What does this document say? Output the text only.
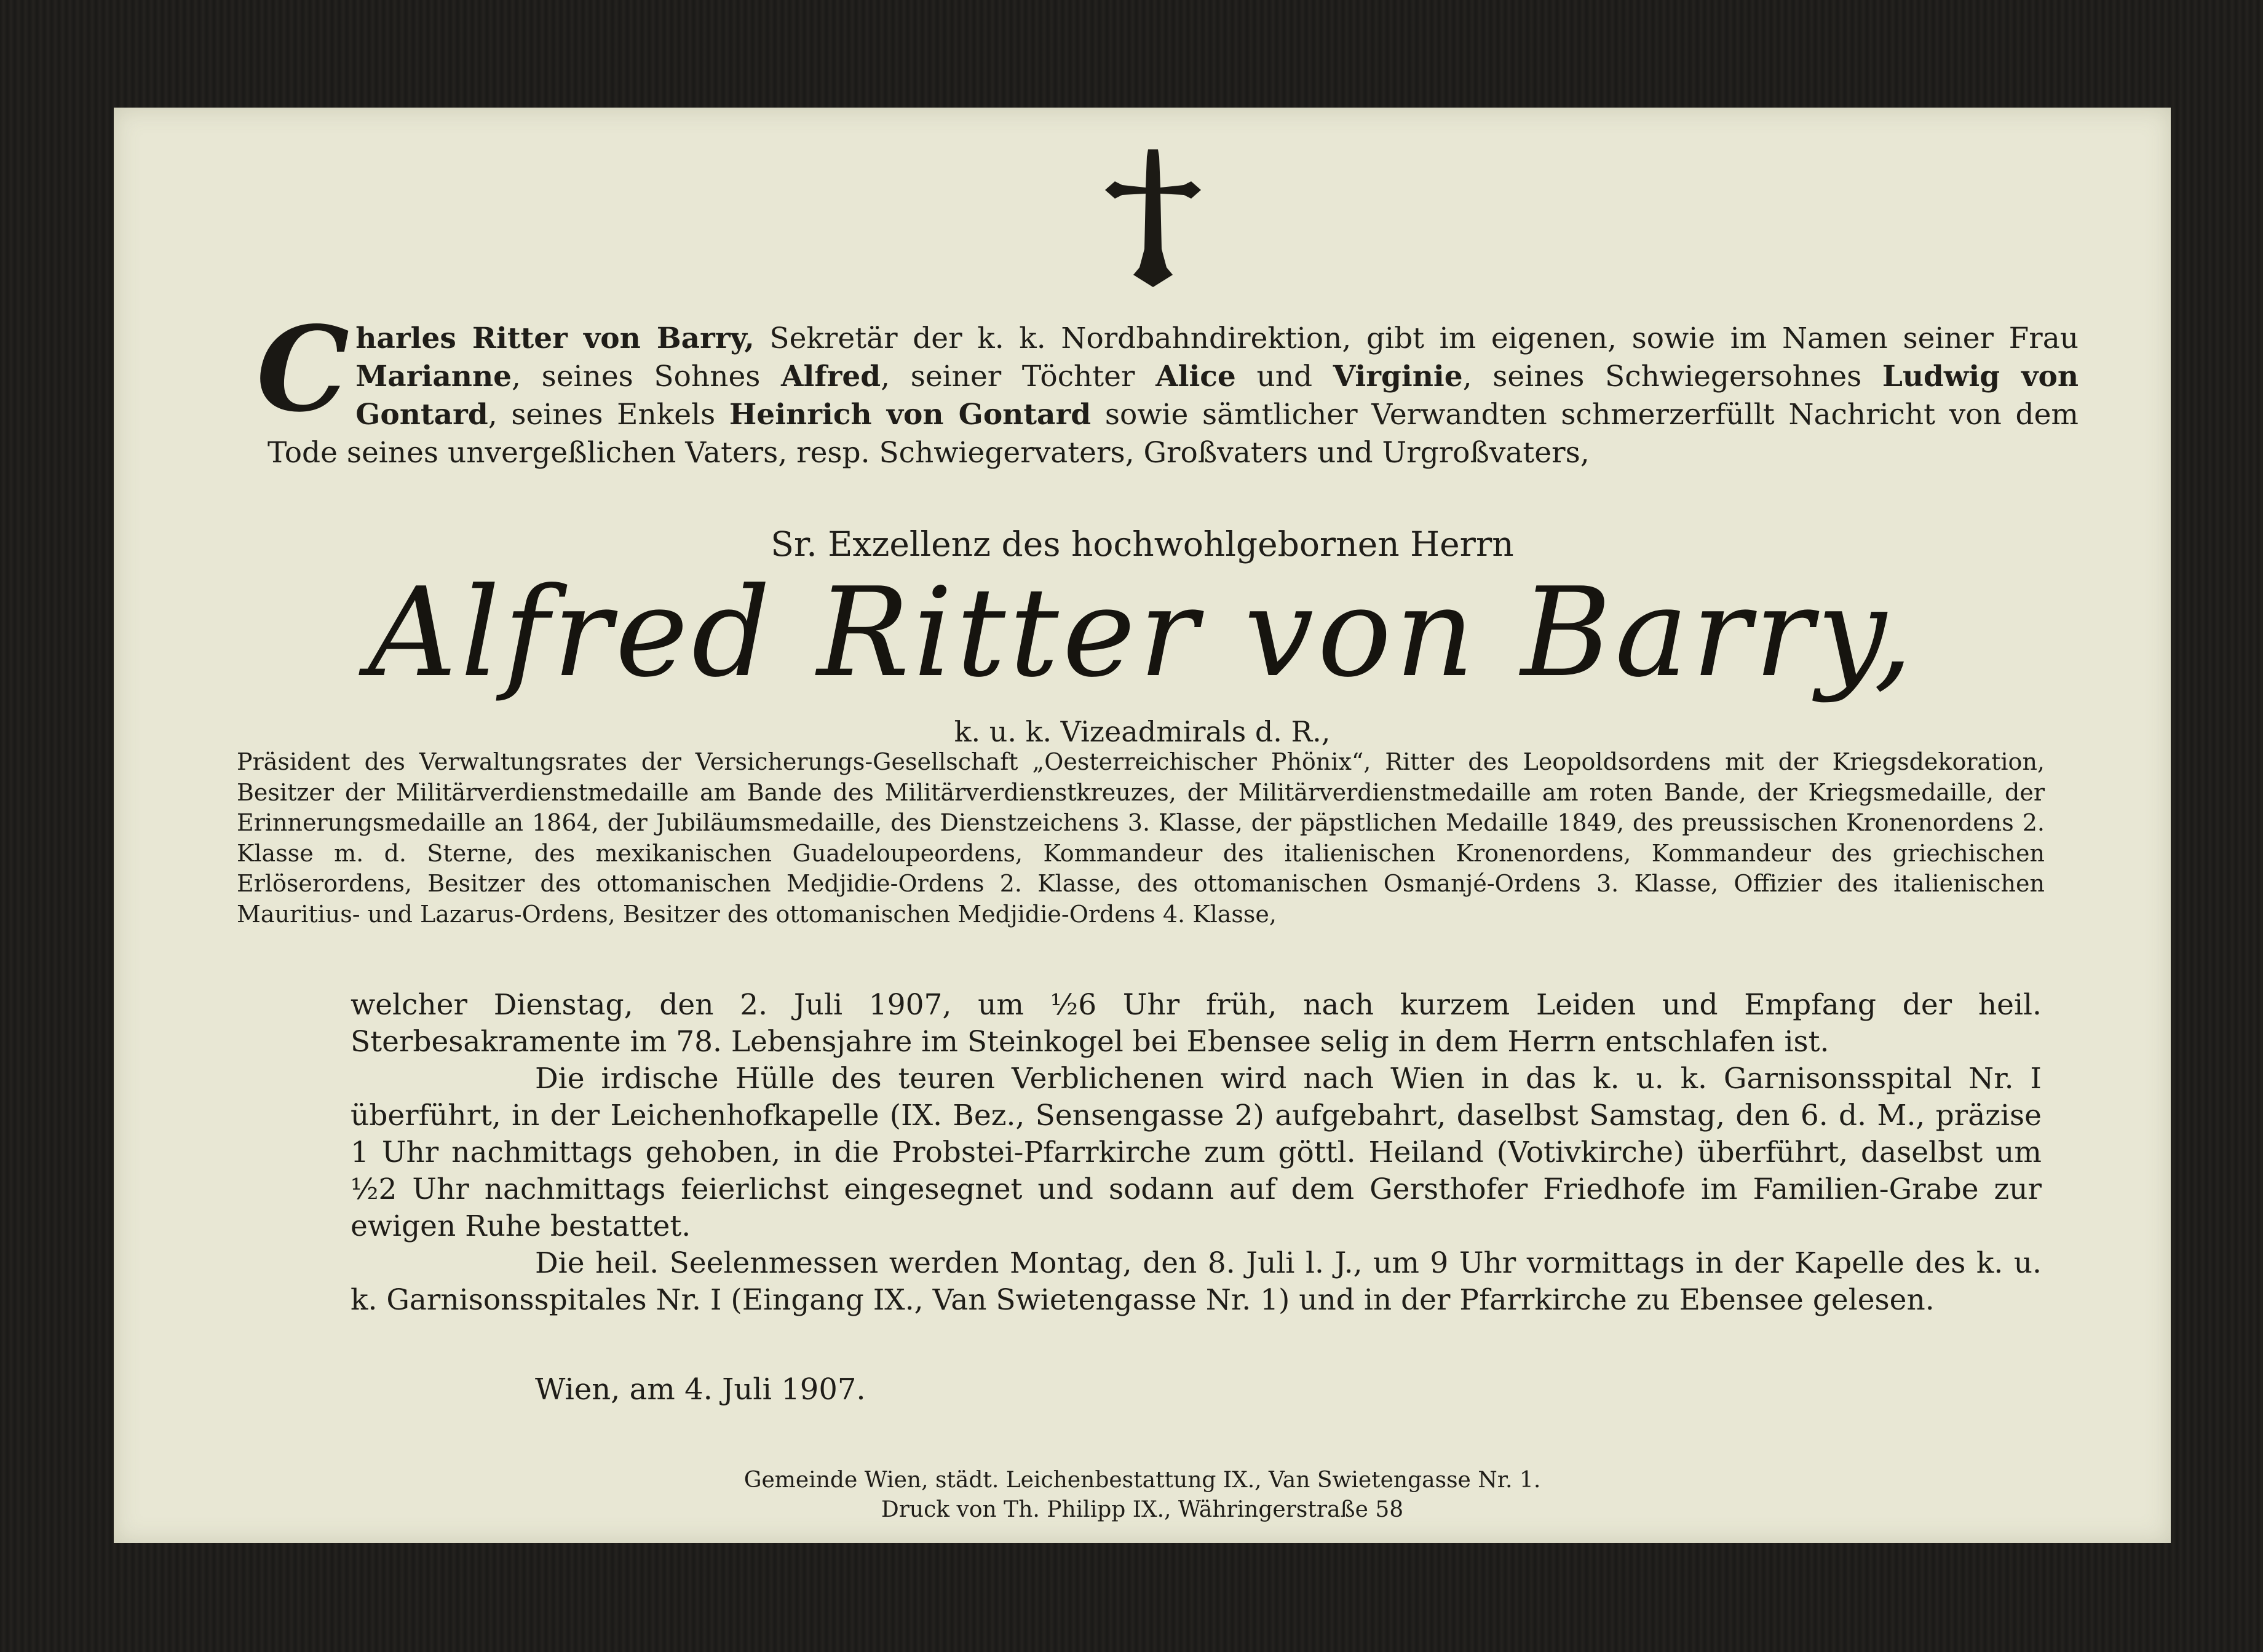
Charles Ritter von Barry, Sekretär der k. k. Nordbahndirektion, gibt im eigenen, sowie im Namen seiner Frau Marianne, seines Sohnes Alfred, seiner Töchter Alice und Virginie, seines Schwiegersohnes Ludwig von Gontard, seines Enkels Heinrich von Gontard sowie sämtlicher Verwandten schmerzerfüllt Nachricht von dem Tode seines unvergeßlichen Vaters, resp. Schwiegervaters, Großvaters und Urgroßvaters,
Sr. Exzellenz des hochwohlgebornen Herrn
Alfred Ritter von Barry,
k. u. k. Vizeadmirals d. R.,
Präsident des Verwaltungsrates der Versicherungs-Gesellschaft „Oesterreichischer Phönix“, Ritter des Leopoldsordens mit der Kriegsdekoration, Besitzer der Militärverdienstmedaille am Bande des Militärverdienstkreuzes, der Militärverdienstmedaille am roten Bande, der Kriegsmedaille, der Erinnerungsmedaille an 1864, der Jubiläumsmedaille, des Dienstzeichens 3. Klasse, der päpstlichen Medaille 1849, des preussischen Kronenordens 2. Klasse m. d. Sterne, des mexikanischen Guadeloupeordens, Kommandeur des italienischen Kronenordens, Kommandeur des griechischen Erlöserordens, Besitzer des ottomanischen Medjidie-Ordens 2. Klasse, des ottomanischen Osmanjé-Ordens 3. Klasse, Offizier des italienischen Mauritius- und Lazarus-Ordens, Besitzer des ottomanischen Medjidie-Ordens 4. Klasse,

welcher Dienstag, den 2. Juli 1907, um ½6 Uhr früh, nach kurzem Leiden und Empfang der heil. Sterbesakramente im 78. Lebensjahre im Steinkogel bei Ebensee selig in dem Herrn entschlafen ist.

Die irdische Hülle des teuren Verblichenen wird nach Wien in das k. u. k. Garnisonsspital Nr. I überführt, in der Leichenhofkapelle (IX. Bez., Sensengasse 2) aufgebahrt, daselbst Samstag, den 6. d. M., präzise 1 Uhr nachmittags gehoben, in die Probstei-Pfarrkirche zum göttl. Heiland (Votivkirche) überführt, daselbst um ½2 Uhr nachmittags feierlichst eingesegnet und sodann auf dem Gersthofer Friedhofe im Familien-Grabe zur ewigen Ruhe bestattet.

Die heil. Seelenmessen werden Montag, den 8. Juli l. J., um 9 Uhr vormittags in der Kapelle des k. u. k. Garnisonsspitales Nr. I (Eingang IX., Van Swietengasse Nr. 1) und in der Pfarrkirche zu Ebensee gelesen.

Wien, am 4. Juli 1907.
Gemeinde Wien, städt. Leichenbestattung IX., Van Swietengasse Nr. 1.
Druck von Th. Philipp IX., Währingerstraße 58
